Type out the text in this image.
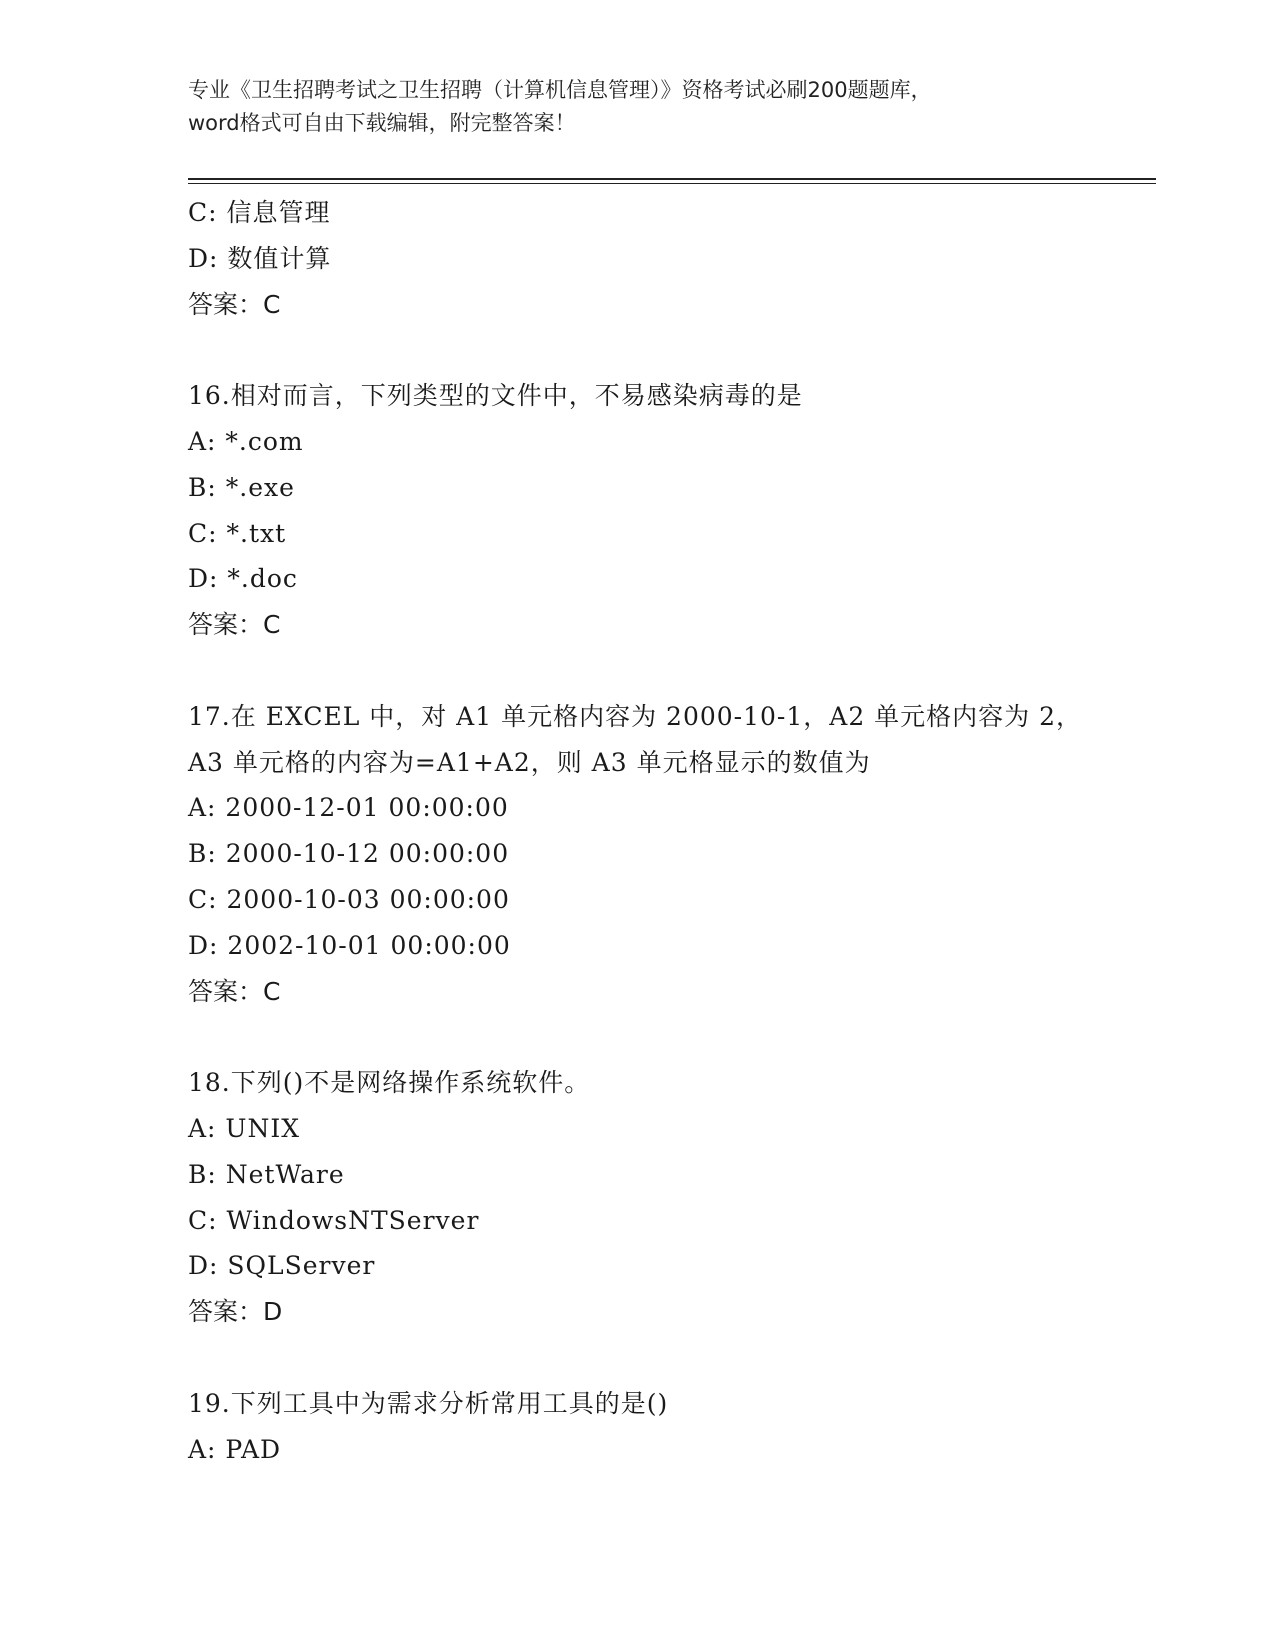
专业《卫生招聘考试之卫生招聘（计算机信息管理）》资格考试必刷200题题库，
word格式可自由下载编辑，附完整答案！
C: 信息管理
D: 数值计算
答案：C
16.相对而言，下列类型的文件中，不易感染病毒的是
A: *.com
B: *.exe
C: *.txt
D: *.doc
答案：C
17.在 EXCEL 中，对 A1 单元格内容为 2000-10-1，A2 单元格内容为 2，
A3 单元格的内容为=A1+A2，则 A3 单元格显示的数值为
A: 2000-12-01 00:00:00
B: 2000-10-12 00:00:00
C: 2000-10-03 00:00:00
D: 2002-10-01 00:00:00
答案：C
18.下列()不是网络操作系统软件。
A: UNIX
B: NetWare
C: WindowsNTServer
D: SQLServer
答案：D
19.下列工具中为需求分析常用工具的是()
A: PAD
